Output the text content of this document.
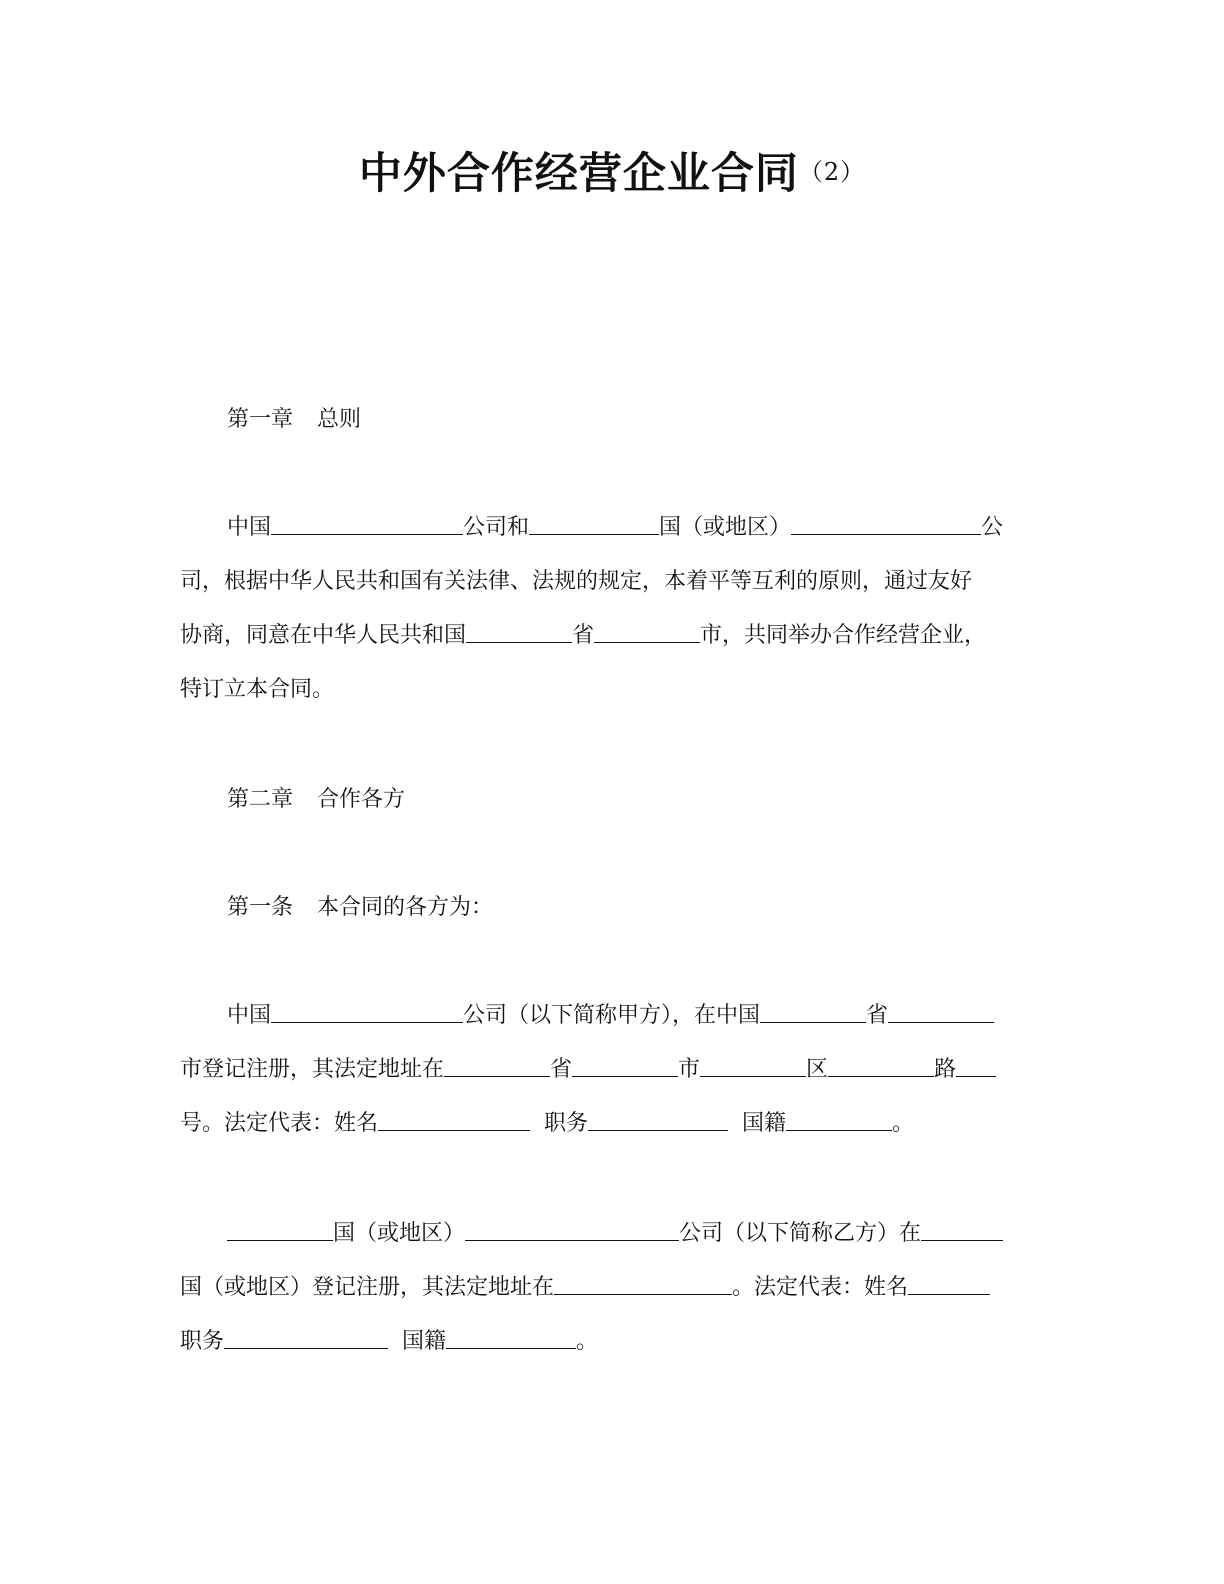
中外合作经营企业合同（2）
第一章 总则
中国	公司和	国（或地区）	公
司，根据中华人民共和国有关法律、法规的规定，本着平等互利的原则，通过友好
协商，同意在中华人民共和国	省	市，共同举办合作经营企业，
特订立本合同。
第二章 合作各方
第一条 本合同的各方为：
中国	公司（以下简称甲方），在中国	省
市登记注册，其法定地址在	省	市	区	路
号。法定代表：姓名	职务	国籍	。
国（或地区）	公司（以下简称乙方）在
国（或地区）登记注册，其法定地址在	。法定代表：姓名
职务	国籍	。
